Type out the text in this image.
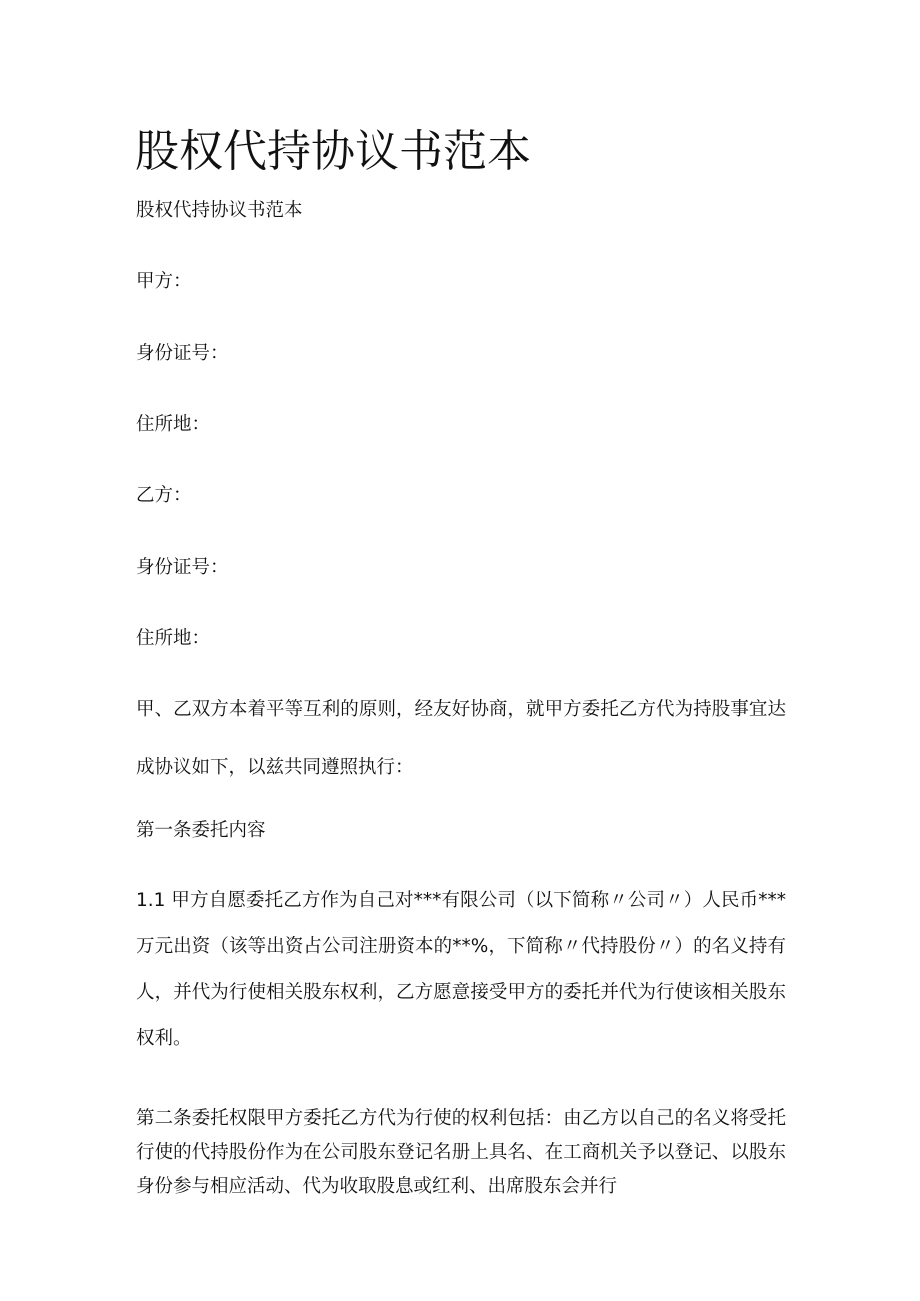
股权代持协议书范本

股权代持协议书范本

甲方：

身份证号：

住所地：

乙方：

身份证号：

住所地：

甲、乙双方本着平等互利的原则，经友好协商，就甲方委托乙方代为持股事宜达成协议如下，以兹共同遵照执行：

第一条委托内容

1.1 甲方自愿委托乙方作为自己对***有限公司（以下简称〃公司〃）人民币***万元出资（该等出资占公司注册资本的**%，下简称〃代持股份〃）的名义持有人，并代为行使相关股东权利，乙方愿意接受甲方的委托并代为行使该相关股东权利。

第二条委托权限甲方委托乙方代为行使的权利包括：由乙方以自己的名义将受托行使的代持股份作为在公司股东登记名册上具名、在工商机关予以登记、以股东身份参与相应活动、代为收取股息或红利、出席股东会并行
